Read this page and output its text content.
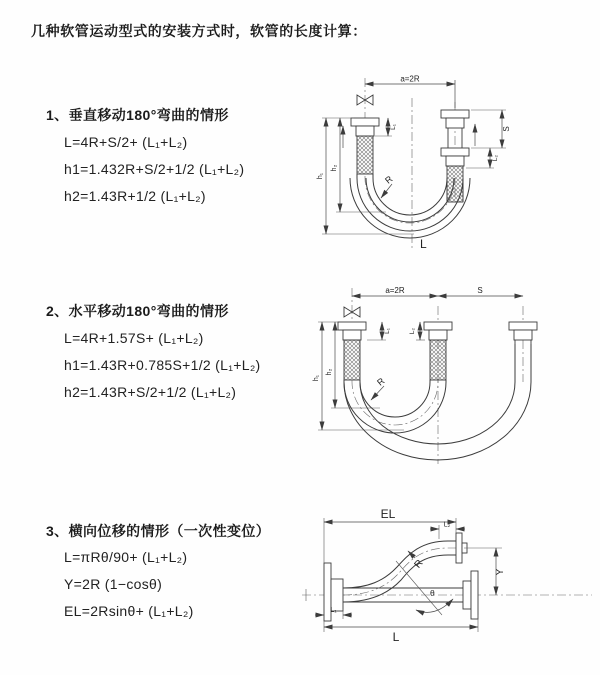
几种软管运动型式的安装方式时，软管的长度计算：
1、垂直移动180°弯曲的情形
L=4R+S/2+ (L₁+L₂)
h1=1.432R+S/2+1/2 (L₁+L₂)
h2=1.43R+1/2 (L₁+L₂)
a=2R
h₁
h₂
L₁	S
L₂
R
L
2、水平移动180°弯曲的情形
L=4R+1.57S+ (L₁+L₂)
h1=1.43R+0.785S+1/2 (L₁+L₂)
h2=1.43R+S/2+1/2 (L₁+L₂)
a=2R	S
L₁	L₂
h₁
h₂
R
3、横向位移的情形（一次性变位）
L=πRθ/90+ (L₁+L₂)
Y=2R (1−cosθ)
EL=2Rsinθ+ (L₁+L₂)
EL
L₂
Y
R
θ
L
L₁
